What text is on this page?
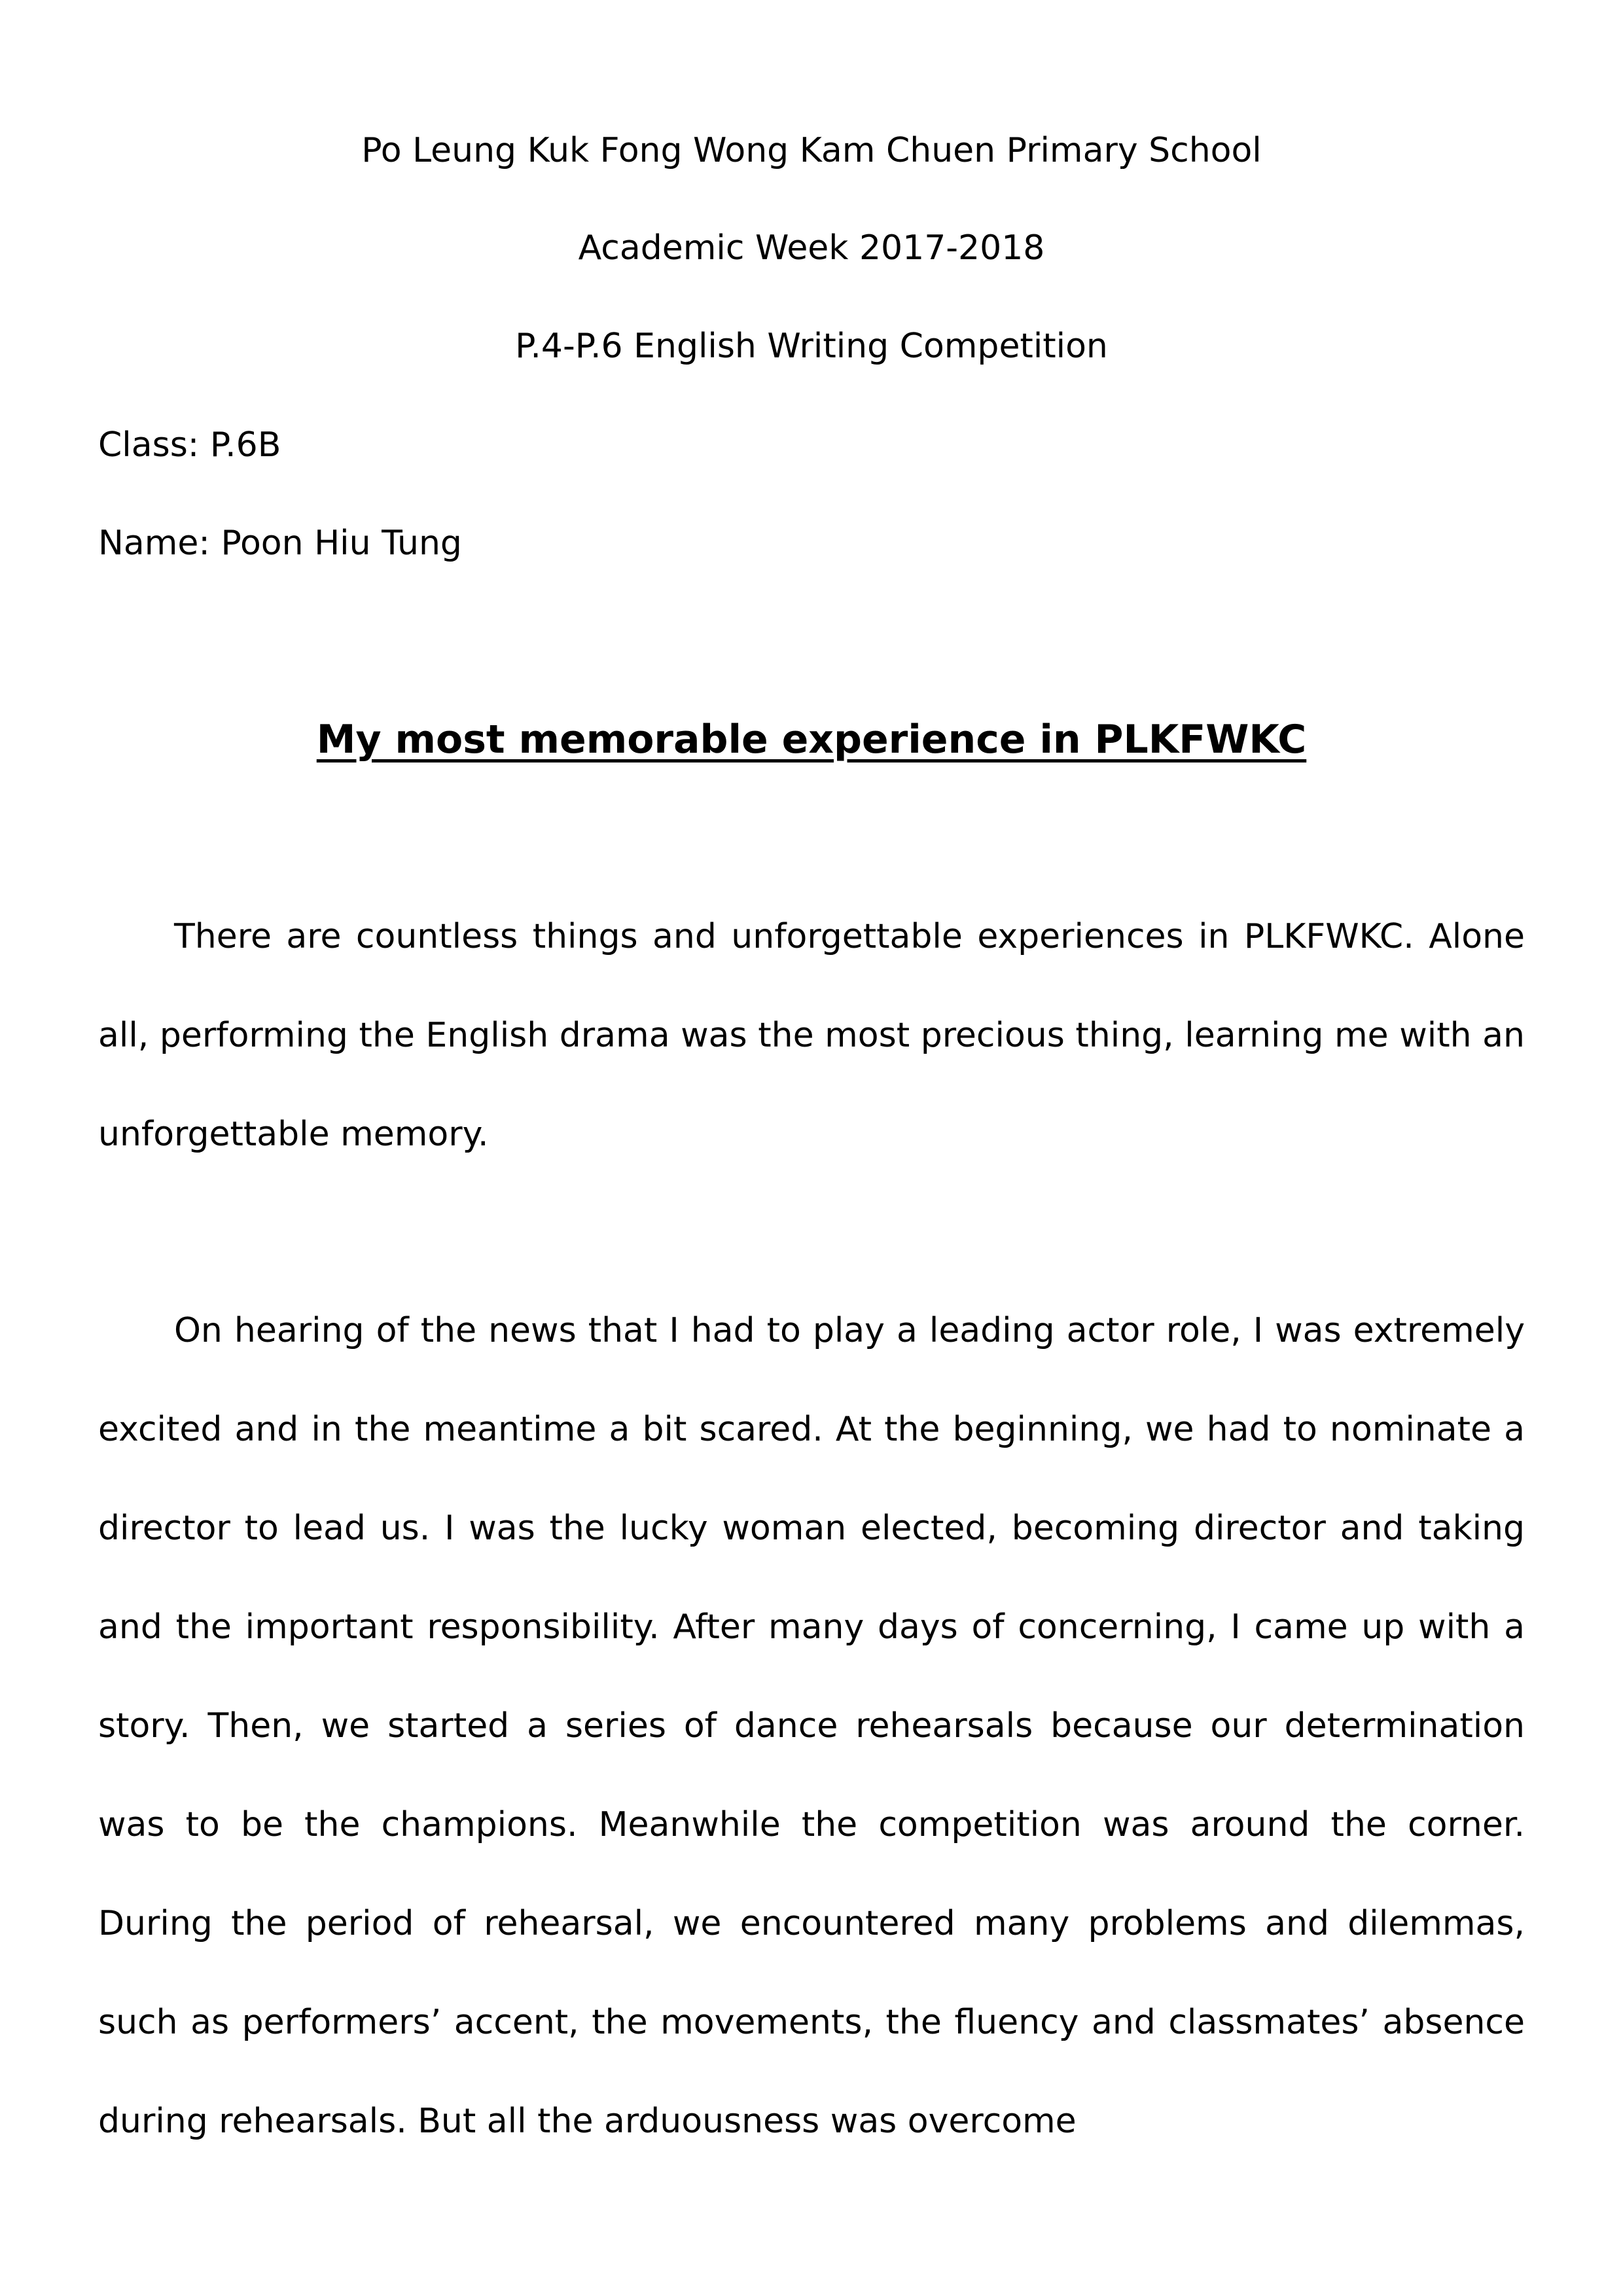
Po Leung Kuk Fong Wong Kam Chuen Primary School
Academic Week 2017-2018
P.4-P.6 English Writing Competition
Class: P.6B
Name: Poon Hiu Tung
My most memorable experience in PLKFWKC

There are countless things and unforgettable experiences in PLKFWKC. Alone all, performing the English drama was the most precious thing, learning me with an unforgettable memory.

On hearing of the news that I had to play a leading actor role, I was extremely excited and in the meantime a bit scared. At the beginning, we had to nominate a director to lead us. I was the lucky woman elected, becoming director and taking and the important responsibility. After many days of concerning, I came up with a story. Then, we started a series of dance rehearsals because our determination was to be the champions. Meanwhile the competition was around the corner. During the period of rehearsal, we encountered many problems and dilemmas, such as performers’ accent, the movements, the fluency and classmates’ absence during rehearsals. But all the arduousness was overcome
